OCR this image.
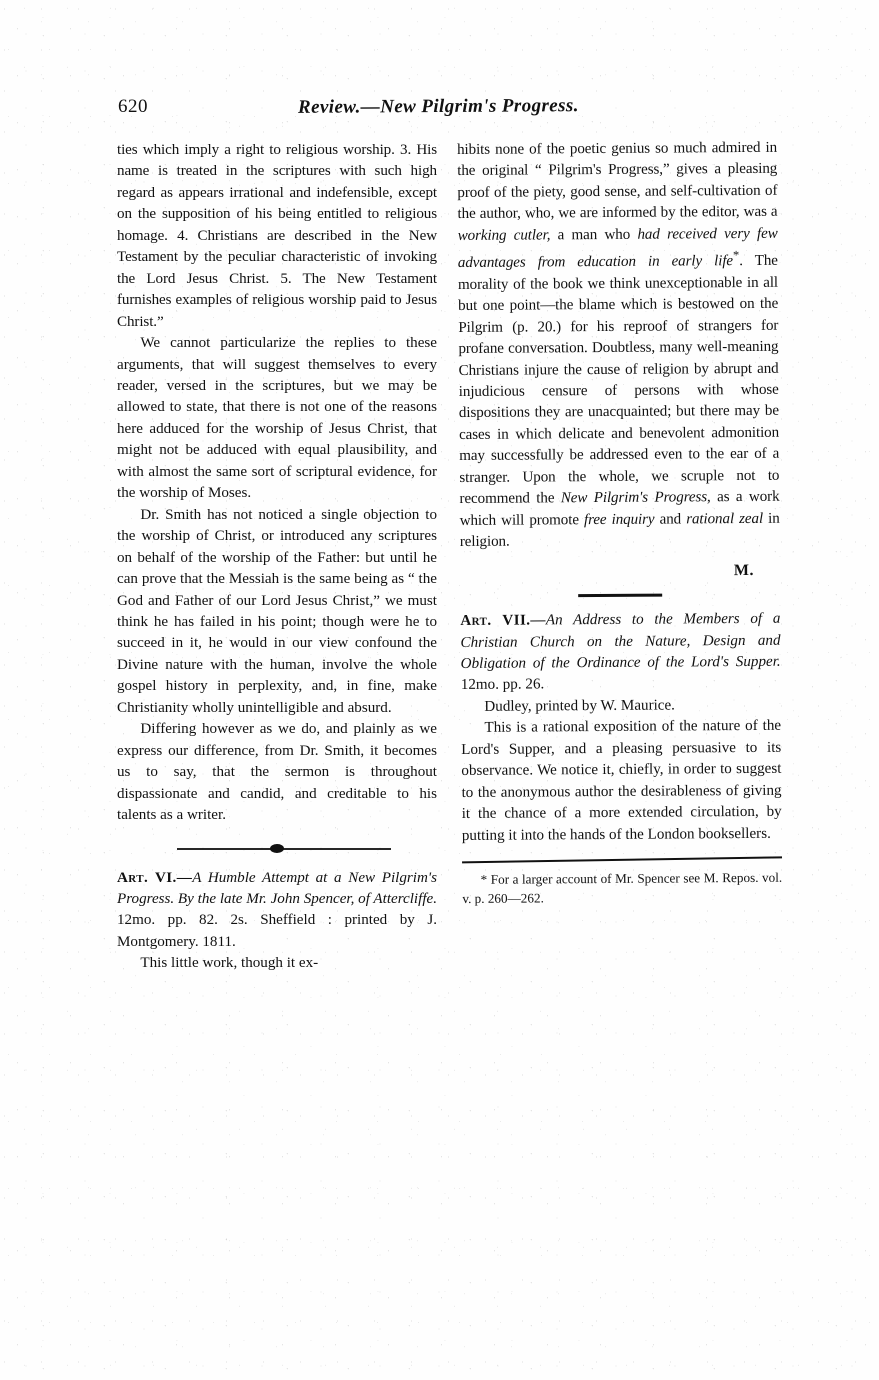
620	Review.—New Pilgrim's Progress.

ties which imply a right to religious worship. 3. His name is treated in the scriptures with such high regard as appears irrational and indefensible, except on the supposition of his being entitled to religious homage. 4. Christians are described in the New Testament by the peculiar characteristic of invoking the Lord Jesus Christ. 5. The New Testament furnishes examples of religious worship paid to Jesus Christ.”

We cannot particularize the replies to these arguments, that will suggest themselves to every reader, versed in the scriptures, but we may be allowed to state, that there is not one of the reasons here adduced for the worship of Jesus Christ, that might not be adduced with equal plausibility, and with almost the same sort of scriptural evidence, for the worship of Moses.

Dr. Smith has not noticed a single objection to the worship of Christ, or introduced any scriptures on behalf of the worship of the Father: but until he can prove that the Messiah is the same being as “ the God and Father of our Lord Jesus Christ,” we must think he has failed in his point; though were he to succeed in it, he would in our view confound the Divine nature with the human, involve the whole gospel history in perplexity, and, in fine, make Christianity wholly unintelligible and absurd.

Differing however as we do, and plainly as we express our difference, from Dr. Smith, it becomes us to say, that the sermon is throughout dispassionate and candid, and creditable to his talents as a writer.

Art. VI.—A Humble Attempt at a New Pilgrim's Progress. By the late Mr. John Spencer, of Attercliffe. 12mo. pp. 82. 2s. Sheffield : printed by J. Montgomery. 1811.

This little work, though it ex-

hibits none of the poetic genius so much admired in the original “ Pilgrim's Progress,” gives a pleasing proof of the piety, good sense, and self-cultivation of the author, who, we are informed by the editor, was a working cutler, a man who had received very few advantages from education in early life*. The morality of the book we think unexceptionable in all but one point—the blame which is bestowed on the Pilgrim (p. 20.) for his reproof of strangers for profane conversation. Doubtless, many well-meaning Christians injure the cause of religion by abrupt and injudicious censure of persons with whose dispositions they are unacquainted; but there may be cases in which delicate and benevolent admonition may successfully be addressed even to the ear of a stranger. Upon the whole, we scruple not to recommend the New Pilgrim's Progress, as a work which will promote free inquiry and rational zeal in religion.

M.

Art. VII.—An Address to the Members of a Christian Church on the Nature, Design and Obligation of the Ordinance of the Lord's Supper. 12mo. pp. 26.

Dudley, printed by W. Maurice.

This is a rational exposition of the nature of the Lord's Supper, and a pleasing persuasive to its observance. We notice it, chiefly, in order to suggest to the anonymous author the desirableness of giving it the chance of a more extended circulation, by putting it into the hands of the London booksellers.

* For a larger account of Mr. Spencer see M. Repos. vol. v. p. 260—262.
